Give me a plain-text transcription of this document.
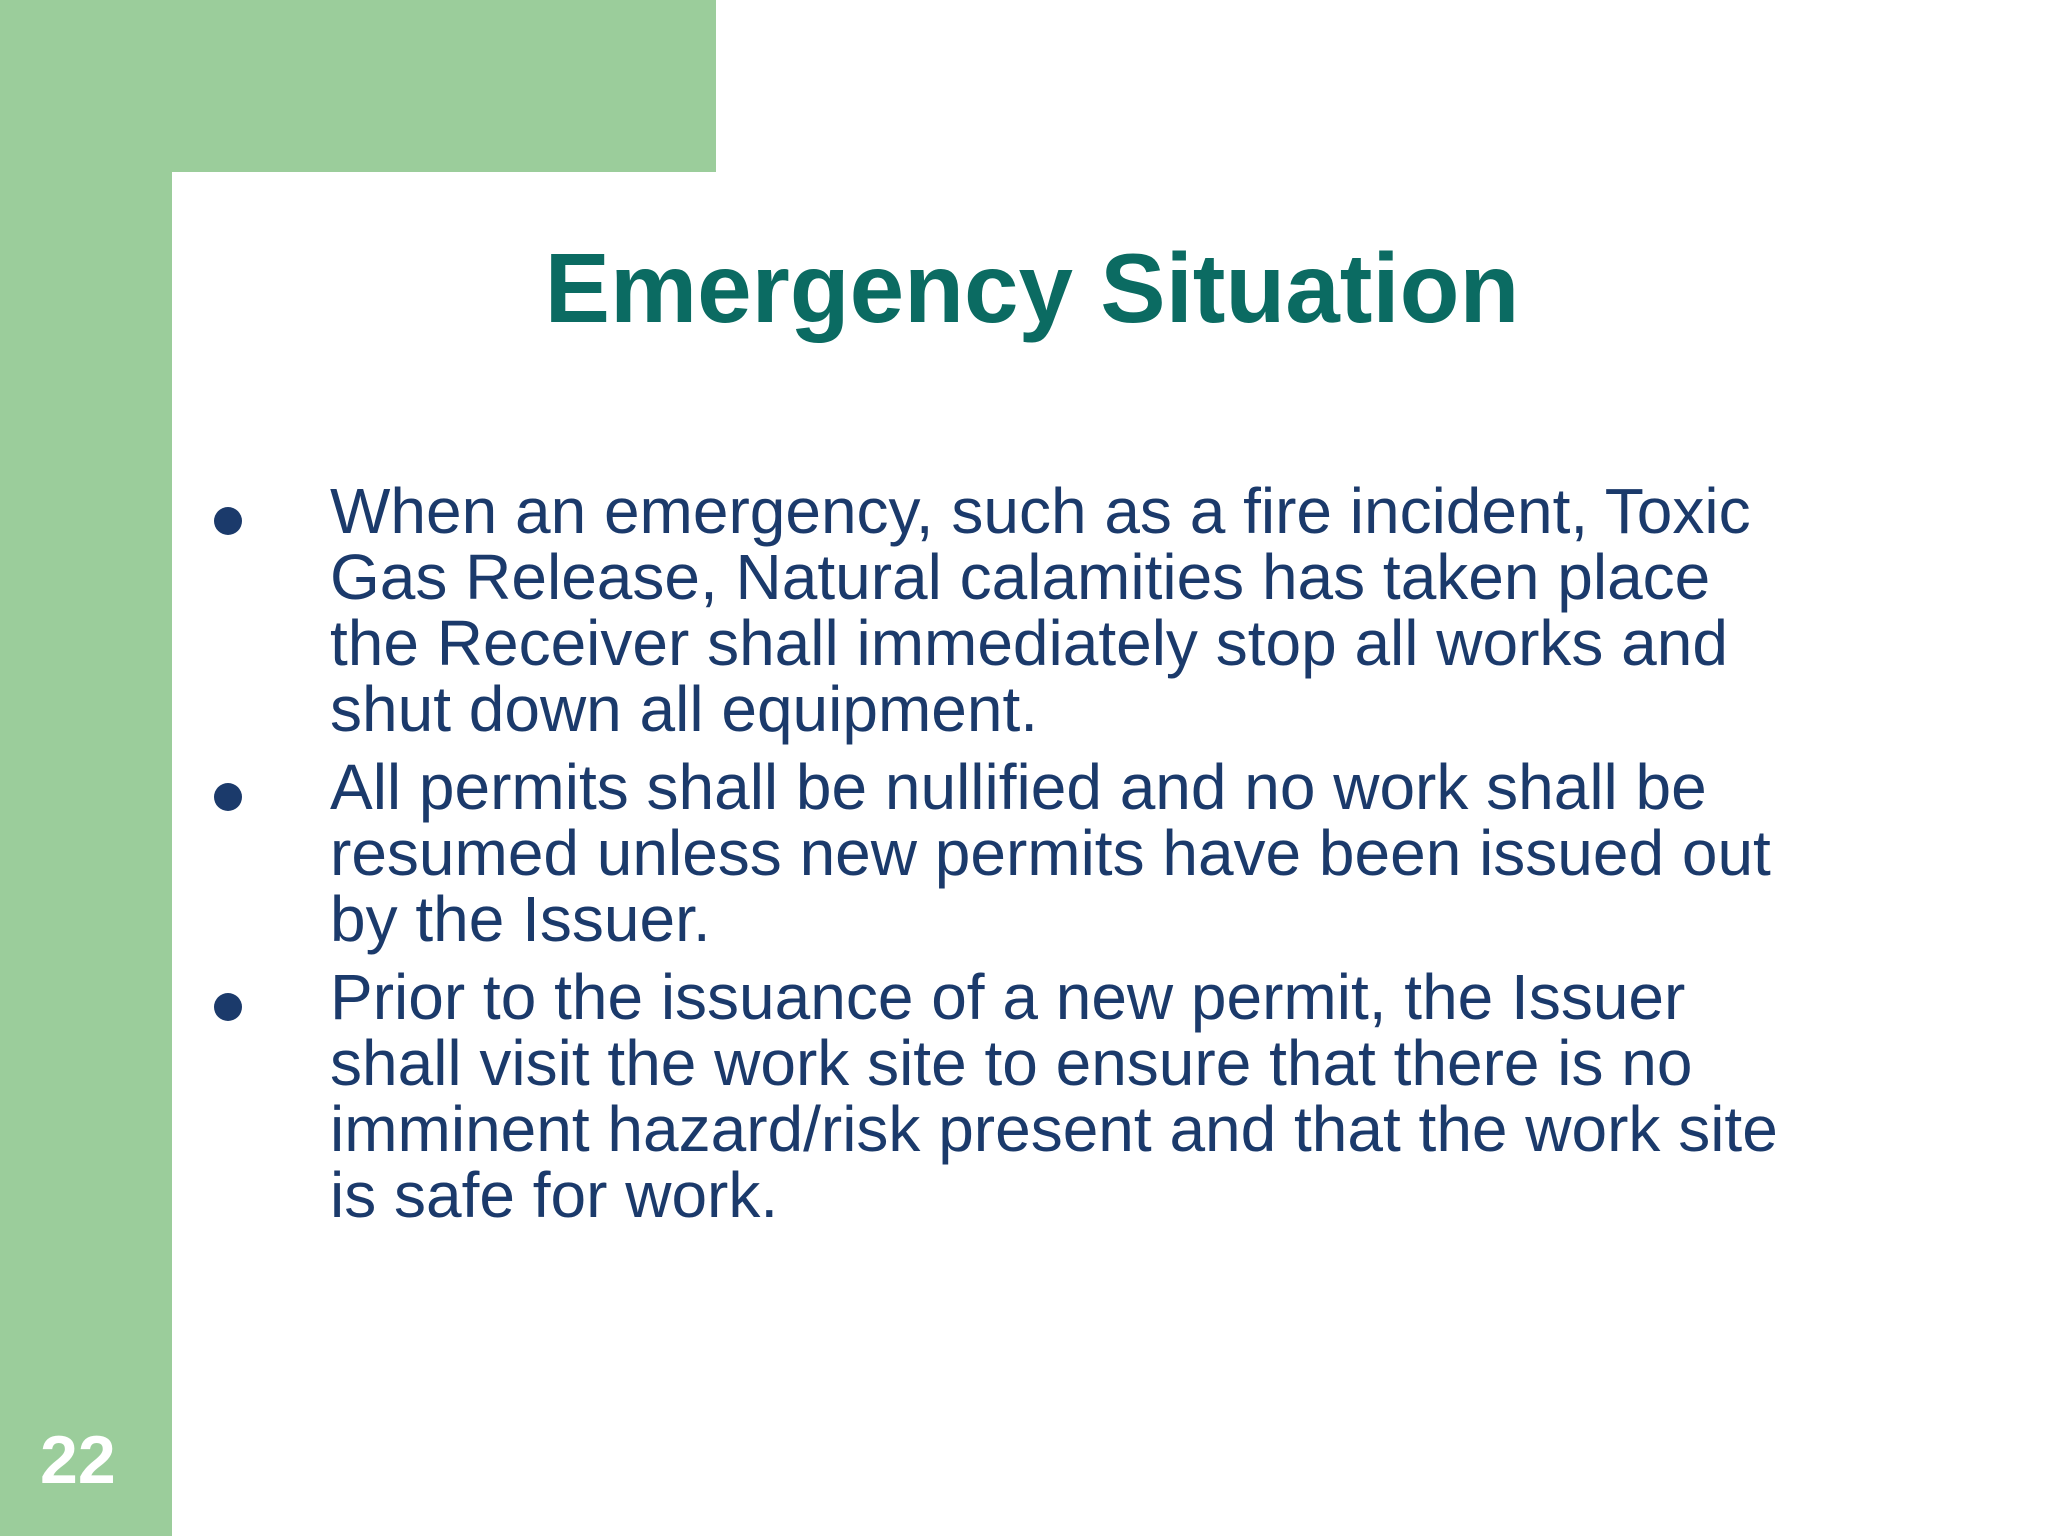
Emergency Situation
When an emergency, such as a fire incident, Toxic
Gas Release, Natural calamities has taken place
the Receiver shall immediately stop all works and
shut down all equipment.
All permits shall be nullified and no work shall be
resumed unless new permits have been issued out
by the Issuer.
Prior to the issuance of a new permit, the Issuer
shall visit the work site to ensure that there is no
imminent hazard/risk present and that the work site
is safe for work.
22
